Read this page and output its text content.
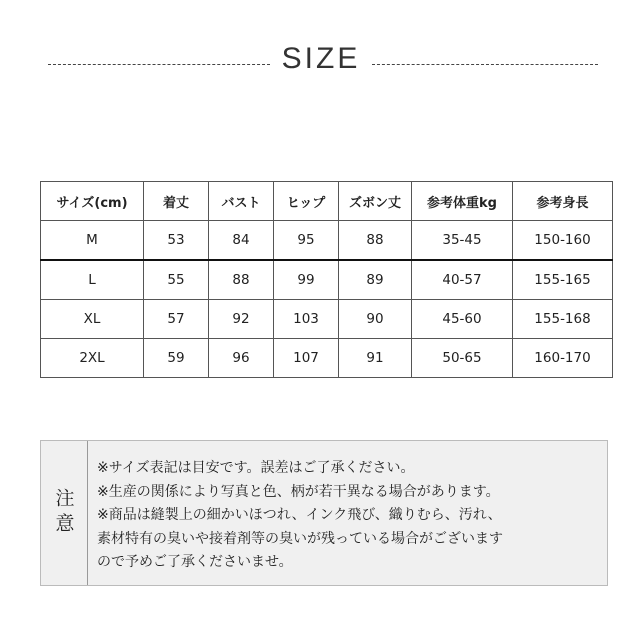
SIZE
サイズ(cm)	着丈	バスト	ヒップ	ズボン丈	参考体重kg	参考身長
M	53	84	95	88	35-45	150-160
L	55	88	99	89	40-57	155-165
XL	57	92	103	90	45-60	155-168
2XL	59	96	107	91	50-65	160-170
注意
※サイズ表記は目安です。誤差はご了承ください。
※生産の関係により写真と色、柄が若干異なる場合があります。
※商品は縫製上の細かいほつれ、インク飛び、織りむら、汚れ、
素材特有の臭いや接着剤等の臭いが残っている場合がございます
ので予めご了承くださいませ。
